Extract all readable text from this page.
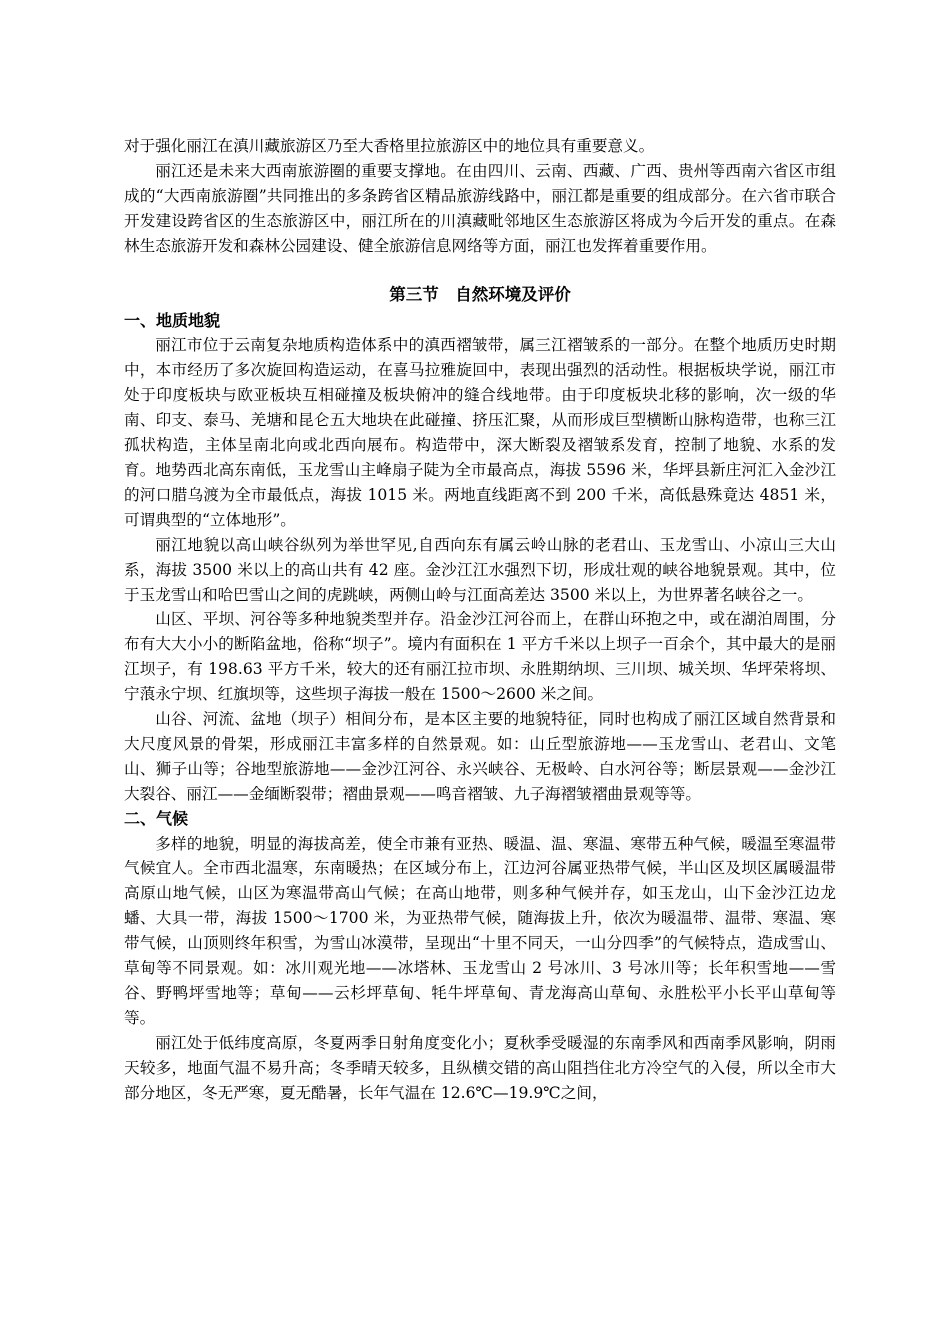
对于强化丽江在滇川藏旅游区乃至大香格里拉旅游区中的地位具有重要意义。

丽江还是未来大西南旅游圈的重要支撑地。在由四川、云南、西藏、广西、贵州等西南六省区市组成的“大西南旅游圈”共同推出的多条跨省区精品旅游线路中，丽江都是重要的组成部分。在六省市联合开发建设跨省区的生态旅游区中，丽江所在的川滇藏毗邻地区生态旅游区将成为今后开发的重点。在森林生态旅游开发和森林公园建设、健全旅游信息网络等方面，丽江也发挥着重要作用。

第三节　自然环境及评价
一、地质地貌

丽江市位于云南复杂地质构造体系中的滇西褶皱带，属三江褶皱系的一部分。在整个地质历史时期中，本市经历了多次旋回构造运动，在喜马拉雅旋回中，表现出强烈的活动性。根据板块学说，丽江市处于印度板块与欧亚板块互相碰撞及板块俯冲的缝合线地带。由于印度板块北移的影响，次一级的华南、印支、泰马、羌塘和昆仑五大地块在此碰撞、挤压汇聚，从而形成巨型横断山脉构造带，也称三江孤状构造，主体呈南北向或北西向展布。构造带中，深大断裂及褶皱系发育，控制了地貌、水系的发育。地势西北高东南低，玉龙雪山主峰扇子陡为全市最高点，海拔 5596 米，华坪县新庄河汇入金沙江的河口腊乌渡为全市最低点，海拔 1015 米。两地直线距离不到 200 千米，高低悬殊竟达 4851 米，可谓典型的“立体地形”。

丽江地貌以高山峡谷纵列为举世罕见,自西向东有属云岭山脉的老君山、玉龙雪山、小凉山三大山系，海拔 3500 米以上的高山共有 42 座。金沙江江水强烈下切，形成壮观的峡谷地貌景观。其中，位于玉龙雪山和哈巴雪山之间的虎跳峡，两侧山岭与江面高差达 3500 米以上，为世界著名峡谷之一。

山区、平坝、河谷等多种地貌类型并存。沿金沙江河谷而上，在群山环抱之中，或在湖泊周围，分布有大大小小的断陷盆地，俗称“坝子”。境内有面积在 1 平方千米以上坝子一百余个，其中最大的是丽江坝子，有 198.63 平方千米，较大的还有丽江拉市坝、永胜期纳坝、三川坝、城关坝、华坪荣将坝、宁蒗永宁坝、红旗坝等，这些坝子海拔一般在 1500～2600 米之间。

山谷、河流、盆地（坝子）相间分布，是本区主要的地貌特征，同时也构成了丽江区域自然背景和大尺度风景的骨架，形成丽江丰富多样的自然景观。如：山丘型旅游地——玉龙雪山、老君山、文笔山、狮子山等；谷地型旅游地——金沙江河谷、永兴峡谷、无极岭、白水河谷等；断层景观——金沙江大裂谷、丽江——金缅断裂带；褶曲景观——鸣音褶皱、九子海褶皱褶曲景观等等。

二、气候

多样的地貌，明显的海拔高差，使全市兼有亚热、暖温、温、寒温、寒带五种气候，暖温至寒温带气候宜人。全市西北温寒，东南暖热；在区域分布上，江边河谷属亚热带气候，半山区及坝区属暖温带高原山地气候，山区为寒温带高山气候；在高山地带，则多种气候并存，如玉龙山，山下金沙江边龙蟠、大具一带，海拔 1500～1700 米，为亚热带气候，随海拔上升，依次为暖温带、温带、寒温、寒带气候，山顶则终年积雪，为雪山冰漠带，呈现出“十里不同天，一山分四季”的气候特点，造成雪山、草甸等不同景观。如：冰川观光地——冰塔林、玉龙雪山 2 号冰川、3 号冰川等；长年积雪地——雪谷、野鸭坪雪地等；草甸——云杉坪草甸、牦牛坪草甸、青龙海高山草甸、永胜松平小长平山草甸等等。

丽江处于低纬度高原，冬夏两季日射角度变化小；夏秋季受暖湿的东南季风和西南季风影响，阴雨天较多，地面气温不易升高；冬季晴天较多，且纵横交错的高山阻挡住北方冷空气的入侵，所以全市大部分地区，冬无严寒，夏无酷暑，长年气温在 12.6℃—19.9℃之间，
